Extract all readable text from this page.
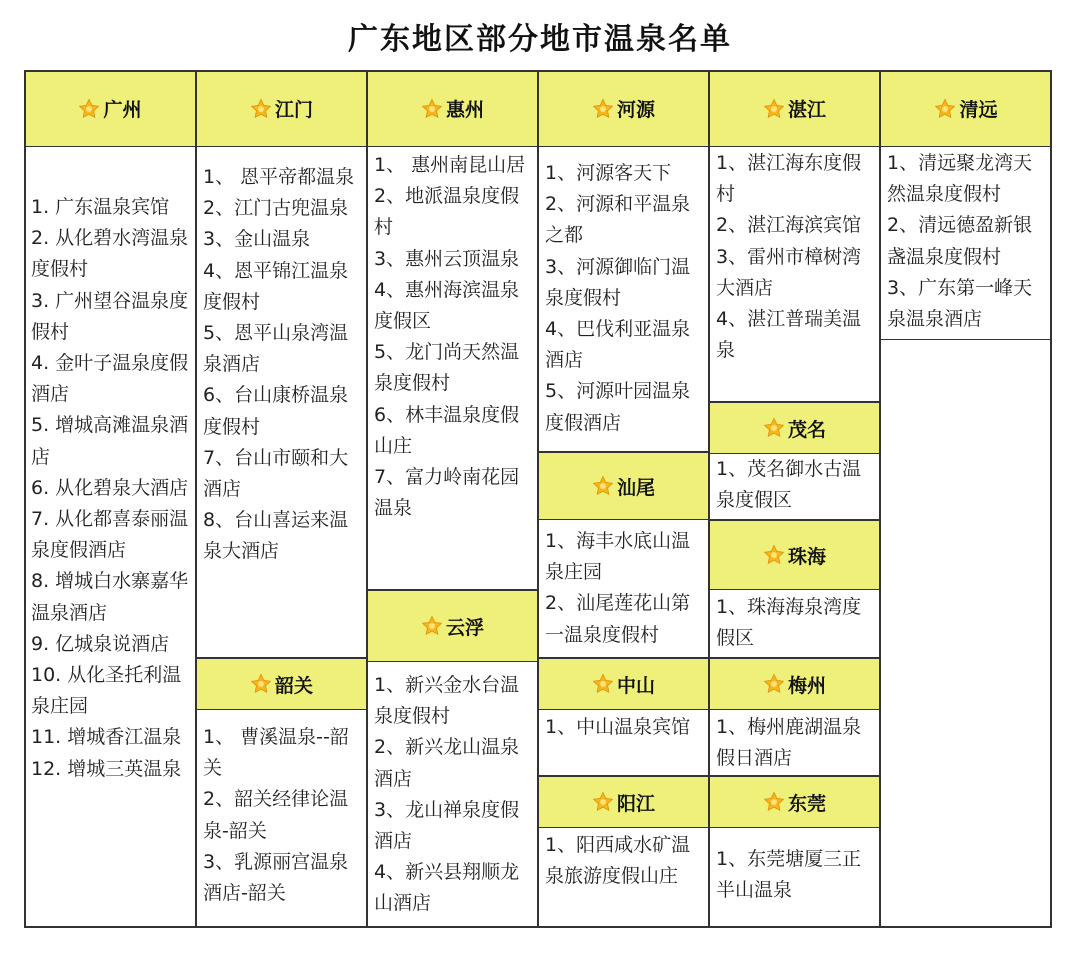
广东地区部分地市温泉名单
广州
1. 广东温泉宾馆
2. 从化碧水湾温泉度假村
3. 广州望谷温泉度假村
4. 金叶子温泉度假酒店
5. 增城高滩温泉酒店
6. 从化碧泉大酒店
7. 从化都喜泰丽温泉度假酒店
8. 增城白水寨嘉华温泉酒店
9. 亿城泉说酒店
10. 从化圣托利温泉庄园
11. 增城香江温泉
12. 增城三英温泉
江门
1、 恩平帝都温泉
2、江门古兜温泉
3、金山温泉
4、恩平锦江温泉度假村
5、恩平山泉湾温泉酒店
6、台山康桥温泉度假村
7、台山市颐和大酒店
8、台山喜运来温泉大酒店
韶关
1、 曹溪温泉--韶关
2、韶关经律论温泉-韶关
3、乳源丽宫温泉酒店-韶关
惠州
1、 惠州南昆山居
2、地派温泉度假村
3、惠州云顶温泉
4、惠州海滨温泉度假区
5、龙门尚天然温泉度假村
6、林丰温泉度假山庄
7、富力岭南花园温泉
云浮
1、新兴金水台温泉度假村
2、新兴龙山温泉酒店
3、龙山禅泉度假酒店
4、新兴县翔顺龙山酒店
河源
1、河源客天下
2、河源和平温泉之都
3、河源御临门温泉度假村
4、巴伐利亚温泉酒店
5、河源叶园温泉度假酒店
汕尾
1、海丰水底山温泉庄园
2、汕尾莲花山第一温泉度假村
中山
1、中山温泉宾馆
阳江
1、阳西咸水矿温泉旅游度假山庄
湛江
1、湛江海东度假村
2、湛江海滨宾馆
3、雷州市樟树湾大酒店
4、湛江普瑞美温泉
茂名
1、茂名御水古温泉度假区
珠海
1、珠海海泉湾度假区
梅州
1、梅州鹿湖温泉假日酒店
东莞
1、东莞塘厦三正半山温泉
清远
1、清远聚龙湾天然温泉度假村
2、清远德盈新银盏温泉度假村
3、广东第一峰天泉温泉酒店
